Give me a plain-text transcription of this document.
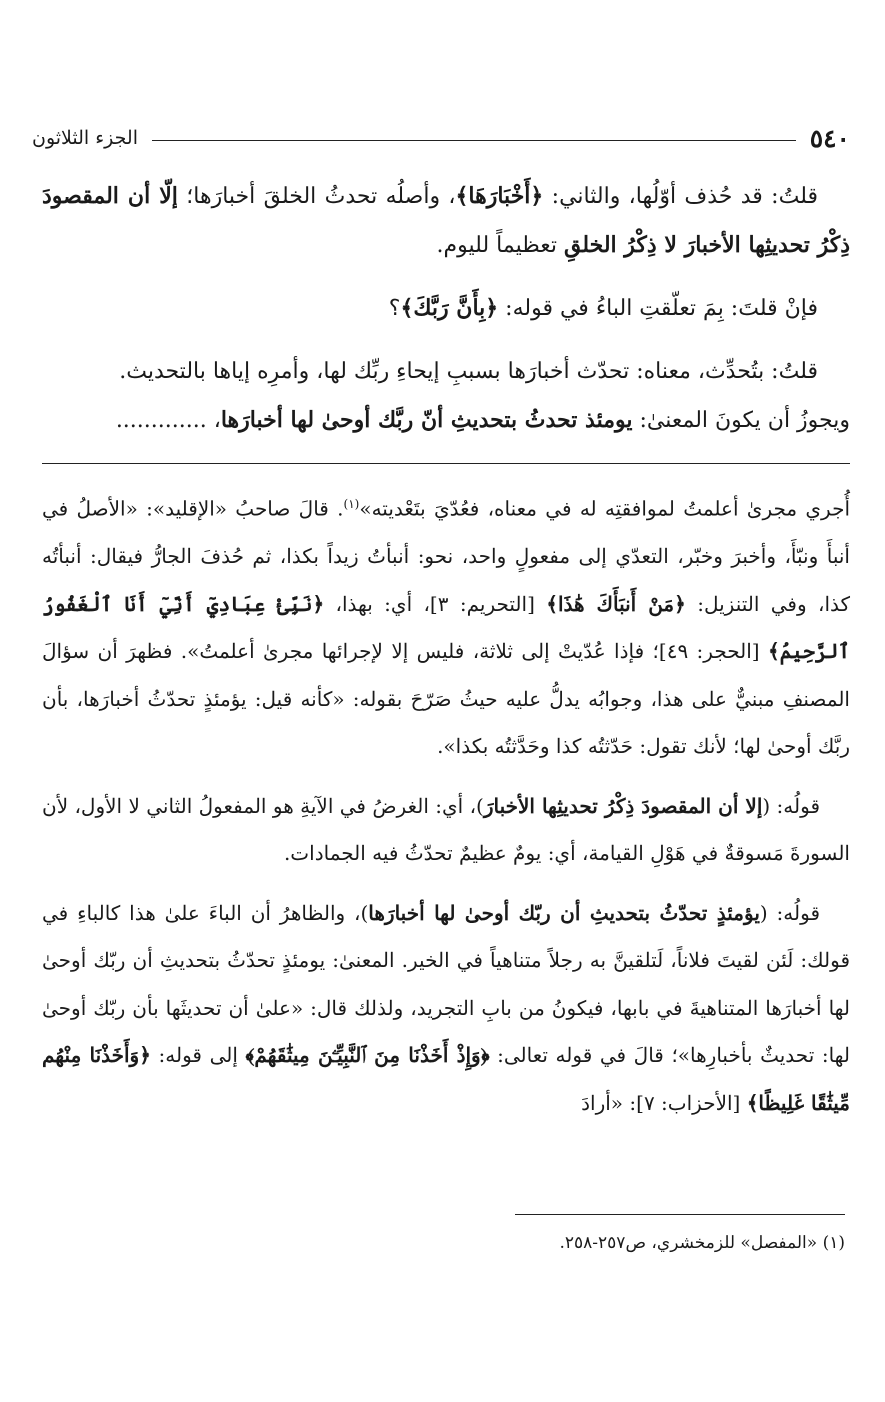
٥٤٠
الجزء الثلاثون

قلتُ: قد حُذف أوّلُها، والثاني: ﴿أَخْبَارَهَا﴾، وأصلُه تحدثُ الخلقَ أخبارَها؛ إلّا أن المقصودَ ذِكْرُ تحديثِها الأخبارَ لا ذِكْرُ الخلقِ تعظيماً لليوم.

فإنْ قلتَ: بِمَ تعلّقتِ الباءُ في قوله: ﴿بِأَنَّ رَبَّكَ﴾؟

قلتُ: بتُحدِّث، معناه: تحدّث أخبارَها بسببِ إيحاءِ ربِّك لها، وأمرِه إياها بالتحديث.

ويجوزُ أن يكونَ المعنىٰ: يومئذ تحدثُ بتحديثِ أنّ ربَّك أوحىٰ لها أخبارَها، .............

أُجري مجرىٰ أعلمتُ لموافقتِه له في معناه، فعُدّيَ بتَعْديته»$^{(١)}$. قالَ صاحبُ «الإقليد»: «الأصلُ في أنبأَ ونبّأَ، وأخبرَ وخبّر، التعدّي إلى مفعولٍ واحد، نحو: أنبأتُ زيداً بكذا، ثم حُذفَ الجارُّ فيقال: أنبأتُه كذا، وفي التنزيل: ﴿مَنْ أَنبَأَكَ هَٰذَا﴾ [التحريم: ٣]، أي: بهذا، ﴿نَبِّئْ عِبَادِيٓ أَنِّيٓ أَنَا ٱلْغَفُورُ ٱلرَّحِيمُ﴾ [الحجر: ٤٩]؛ فإذا عُدّيتْ إلى ثلاثة، فليس إلا لإجرائها مجرىٰ أعلمتُ». فظهرَ أن سؤالَ المصنفِ مبنيٌّ على هذا، وجوابُه يدلُّ عليه حيثُ صَرّحَ بقوله: «كأنه قيل: يؤمئذٍ تحدّثُ أخبارَها، بأن ربَّك أوحىٰ لها؛ لأنك تقول: حَدّثتُه كذا وحَدَّثتُه بكذا».

قولُه: (إلا أن المقصودَ ذِكْرُ تحديثِها الأخبارَ)، أي: الغرضُ في الآيةِ هو المفعولُ الثاني لا الأول، لأن السورةَ مَسوقةٌ في هَوْلِ القيامة، أي: يومٌ عظيمٌ تحدّثُ فيه الجمادات.

قولُه: (يؤمئذٍ تحدّثُ بتحديثِ أن ربّك أوحىٰ لها أخبارَها)، والظاهرُ أن الباءَ علىٰ هذا كالباءِ في قولك: لَئن لقيتَ فلاناً، لَتلقينَّ به رجلاً متناهياً في الخير. المعنىٰ: يومئذٍ تحدّثُ بتحديثِ أن ربّك أوحىٰ لها أخبارَها المتناهيةَ في بابها، فيكونُ من بابِ التجريد، ولذلك قال: «علىٰ أن تحديثَها بأن ربّك أوحىٰ لها: تحديثٌ بأخبارِها»؛ قالَ في قوله تعالى: ﴿وَإِذْ أَخَذْنَا مِنَ ٱلنَّبِيِّـۧنَ مِيثَٰقَهُمْ﴾ إلى قوله: ﴿وَأَخَذْنَا مِنْهُم مِّيثَٰقًا غَلِيظًا﴾ [الأحزاب: ٧]: «أرادَ

(١) «المفصل» للزمخشري، ص٢٥٧-٢٥٨.
